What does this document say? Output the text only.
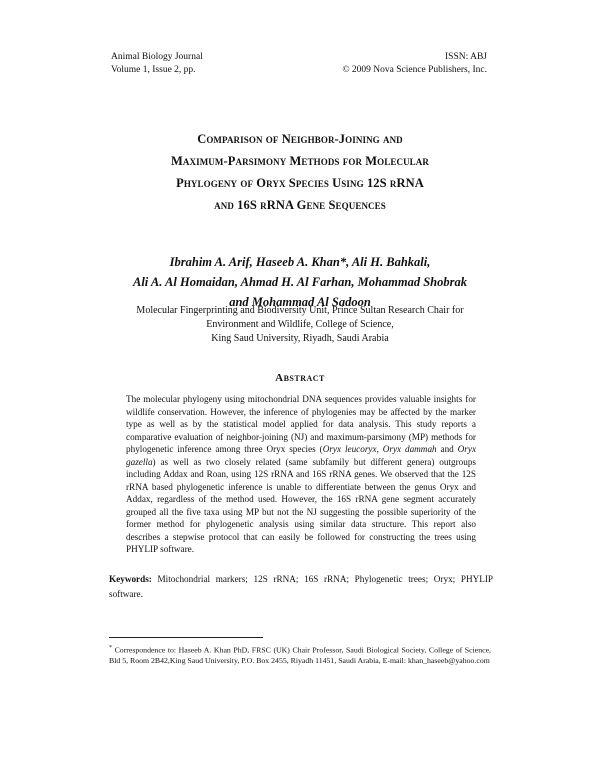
Animal Biology Journal
Volume 1, Issue 2, pp.
ISSN: ABJ
© 2009 Nova Science Publishers, Inc.
Comparison of Neighbor-Joining and
Maximum-Parsimony Methods for Molecular
Phylogeny of Oryx Species Using 12S rRNA
and 16S rRNA Gene Sequences
Ibrahim A. Arif, Haseeb A. Khan*, Ali H. Bahkali,
Ali A. Al Homaidan, Ahmad H. Al Farhan, Mohammad Shobrak
and Mohammad Al Sadoon
Molecular Fingerprinting and Biodiversity Unit, Prince Sultan Research Chair for
Environment and Wildlife, College of Science,
King Saud University, Riyadh, Saudi Arabia
Abstract
The molecular phylogeny using mitochondrial DNA sequences provides valuable insights for wildlife conservation. However, the inference of phylogenies may be affected by the marker type as well as by the statistical model applied for data analysis. This study reports a comparative evaluation of neighbor-joining (NJ) and maximum-parsimony (MP) methods for phylogenetic inference among three Oryx species (Oryx leucoryx, Oryx dammah and Oryx gazella) as well as two closely related (same subfamily but different genera) outgroups including Addax and Roan, using 12S rRNA and 16S rRNA genes. We observed that the 12S rRNA based phylogenetic inference is unable to differentiate between the genus Oryx and Addax, regardless of the method used. However, the 16S rRNA gene segment accurately grouped all the five taxa using MP but not the NJ suggesting the possible superiority of the former method for phylogenetic analysis using similar data structure. This report also describes a stepwise protocol that can easily be followed for constructing the trees using PHYLIP software.
Keywords: Mitochondrial markers; 12S rRNA; 16S rRNA; Phylogenetic trees; Oryx; PHYLIP software.
* Correspondence to: Haseeb A. Khan PhD, FRSC (UK) Chair Professor, Saudi Biological Society, College of Science, Bld 5, Room 2B42,King Saud University, P.O. Box 2455, Riyadh 11451, Saudi Arabia, E-mail: khan_haseeb@yahoo.com
